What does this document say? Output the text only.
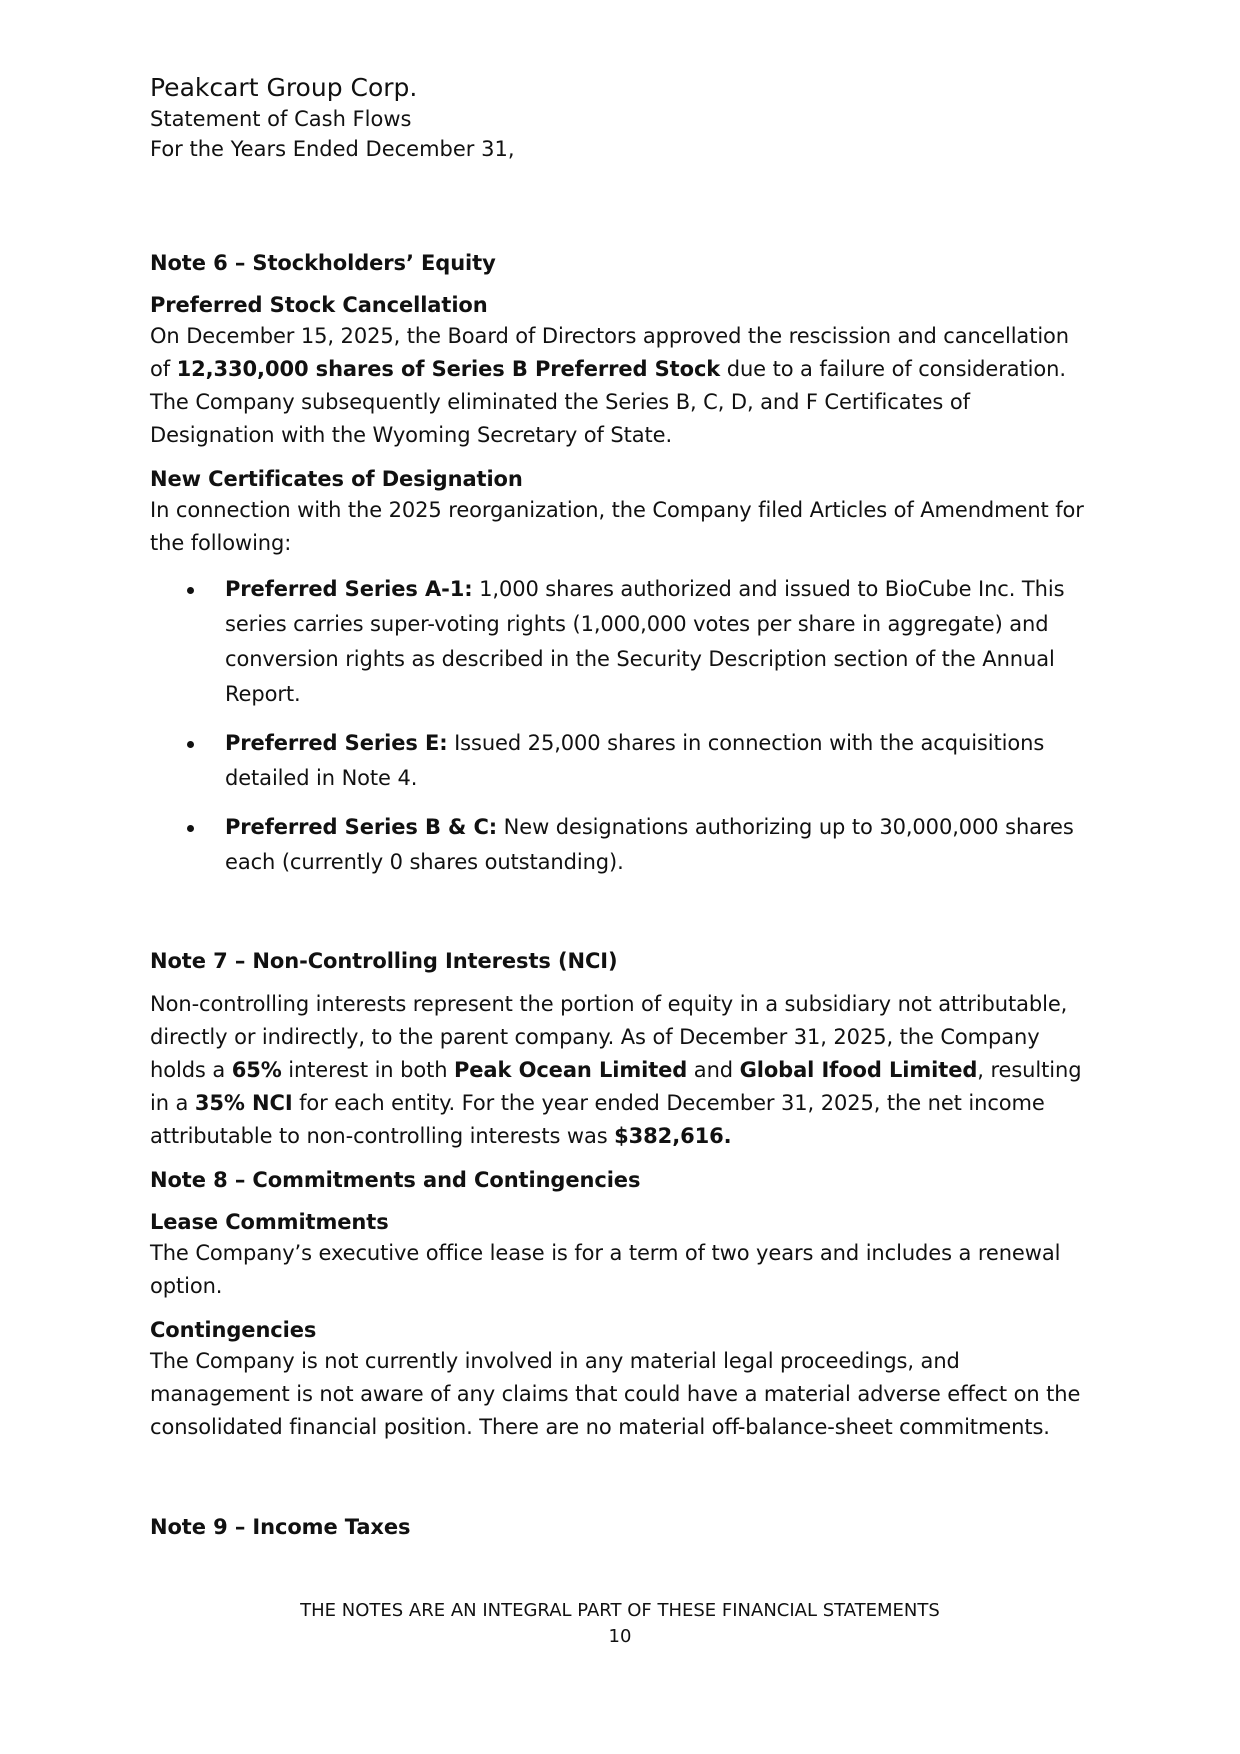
Peakcart Group Corp.
Statement of Cash Flows
For the Years Ended December 31,
Note 6 – Stockholders’ Equity
Preferred Stock Cancellation

On December 15, 2025, the Board of Directors approved the rescission and cancellation of 12,330,000 shares of Series B Preferred Stock due to a failure of consideration. The Company subsequently eliminated the Series B, C, D, and F Certificates of Designation with the Wyoming Secretary of State.

New Certificates of Designation

In connection with the 2025 reorganization, the Company filed Articles of Amendment for the following:

Preferred Series A-1: 1,000 shares authorized and issued to BioCube Inc. This series carries super-voting rights (1,000,000 votes per share in aggregate) and conversion rights as described in the Security Description section of the Annual Report.
Preferred Series E: Issued 25,000 shares in connection with the acquisitions detailed in Note 4.
Preferred Series B & C: New designations authorizing up to 30,000,000 shares each (currently 0 shares outstanding).
Note 7 – Non-Controlling Interests (NCI)

Non-controlling interests represent the portion of equity in a subsidiary not attributable, directly or indirectly, to the parent company. As of December 31, 2025, the Company holds a 65% interest in both Peak Ocean Limited and Global Ifood Limited, resulting in a 35% NCI for each entity. For the year ended December 31, 2025, the net income attributable to non-controlling interests was $382,616.

Note 8 – Commitments and Contingencies
Lease Commitments

The Company’s executive office lease is for a term of two years and includes a renewal option.

Contingencies

The Company is not currently involved in any material legal proceedings, and management is not aware of any claims that could have a material adverse effect on the consolidated financial position. There are no material off-balance-sheet commitments.

Note 9 – Income Taxes
THE NOTES ARE AN INTEGRAL PART OF THESE FINANCIAL STATEMENTS
10
